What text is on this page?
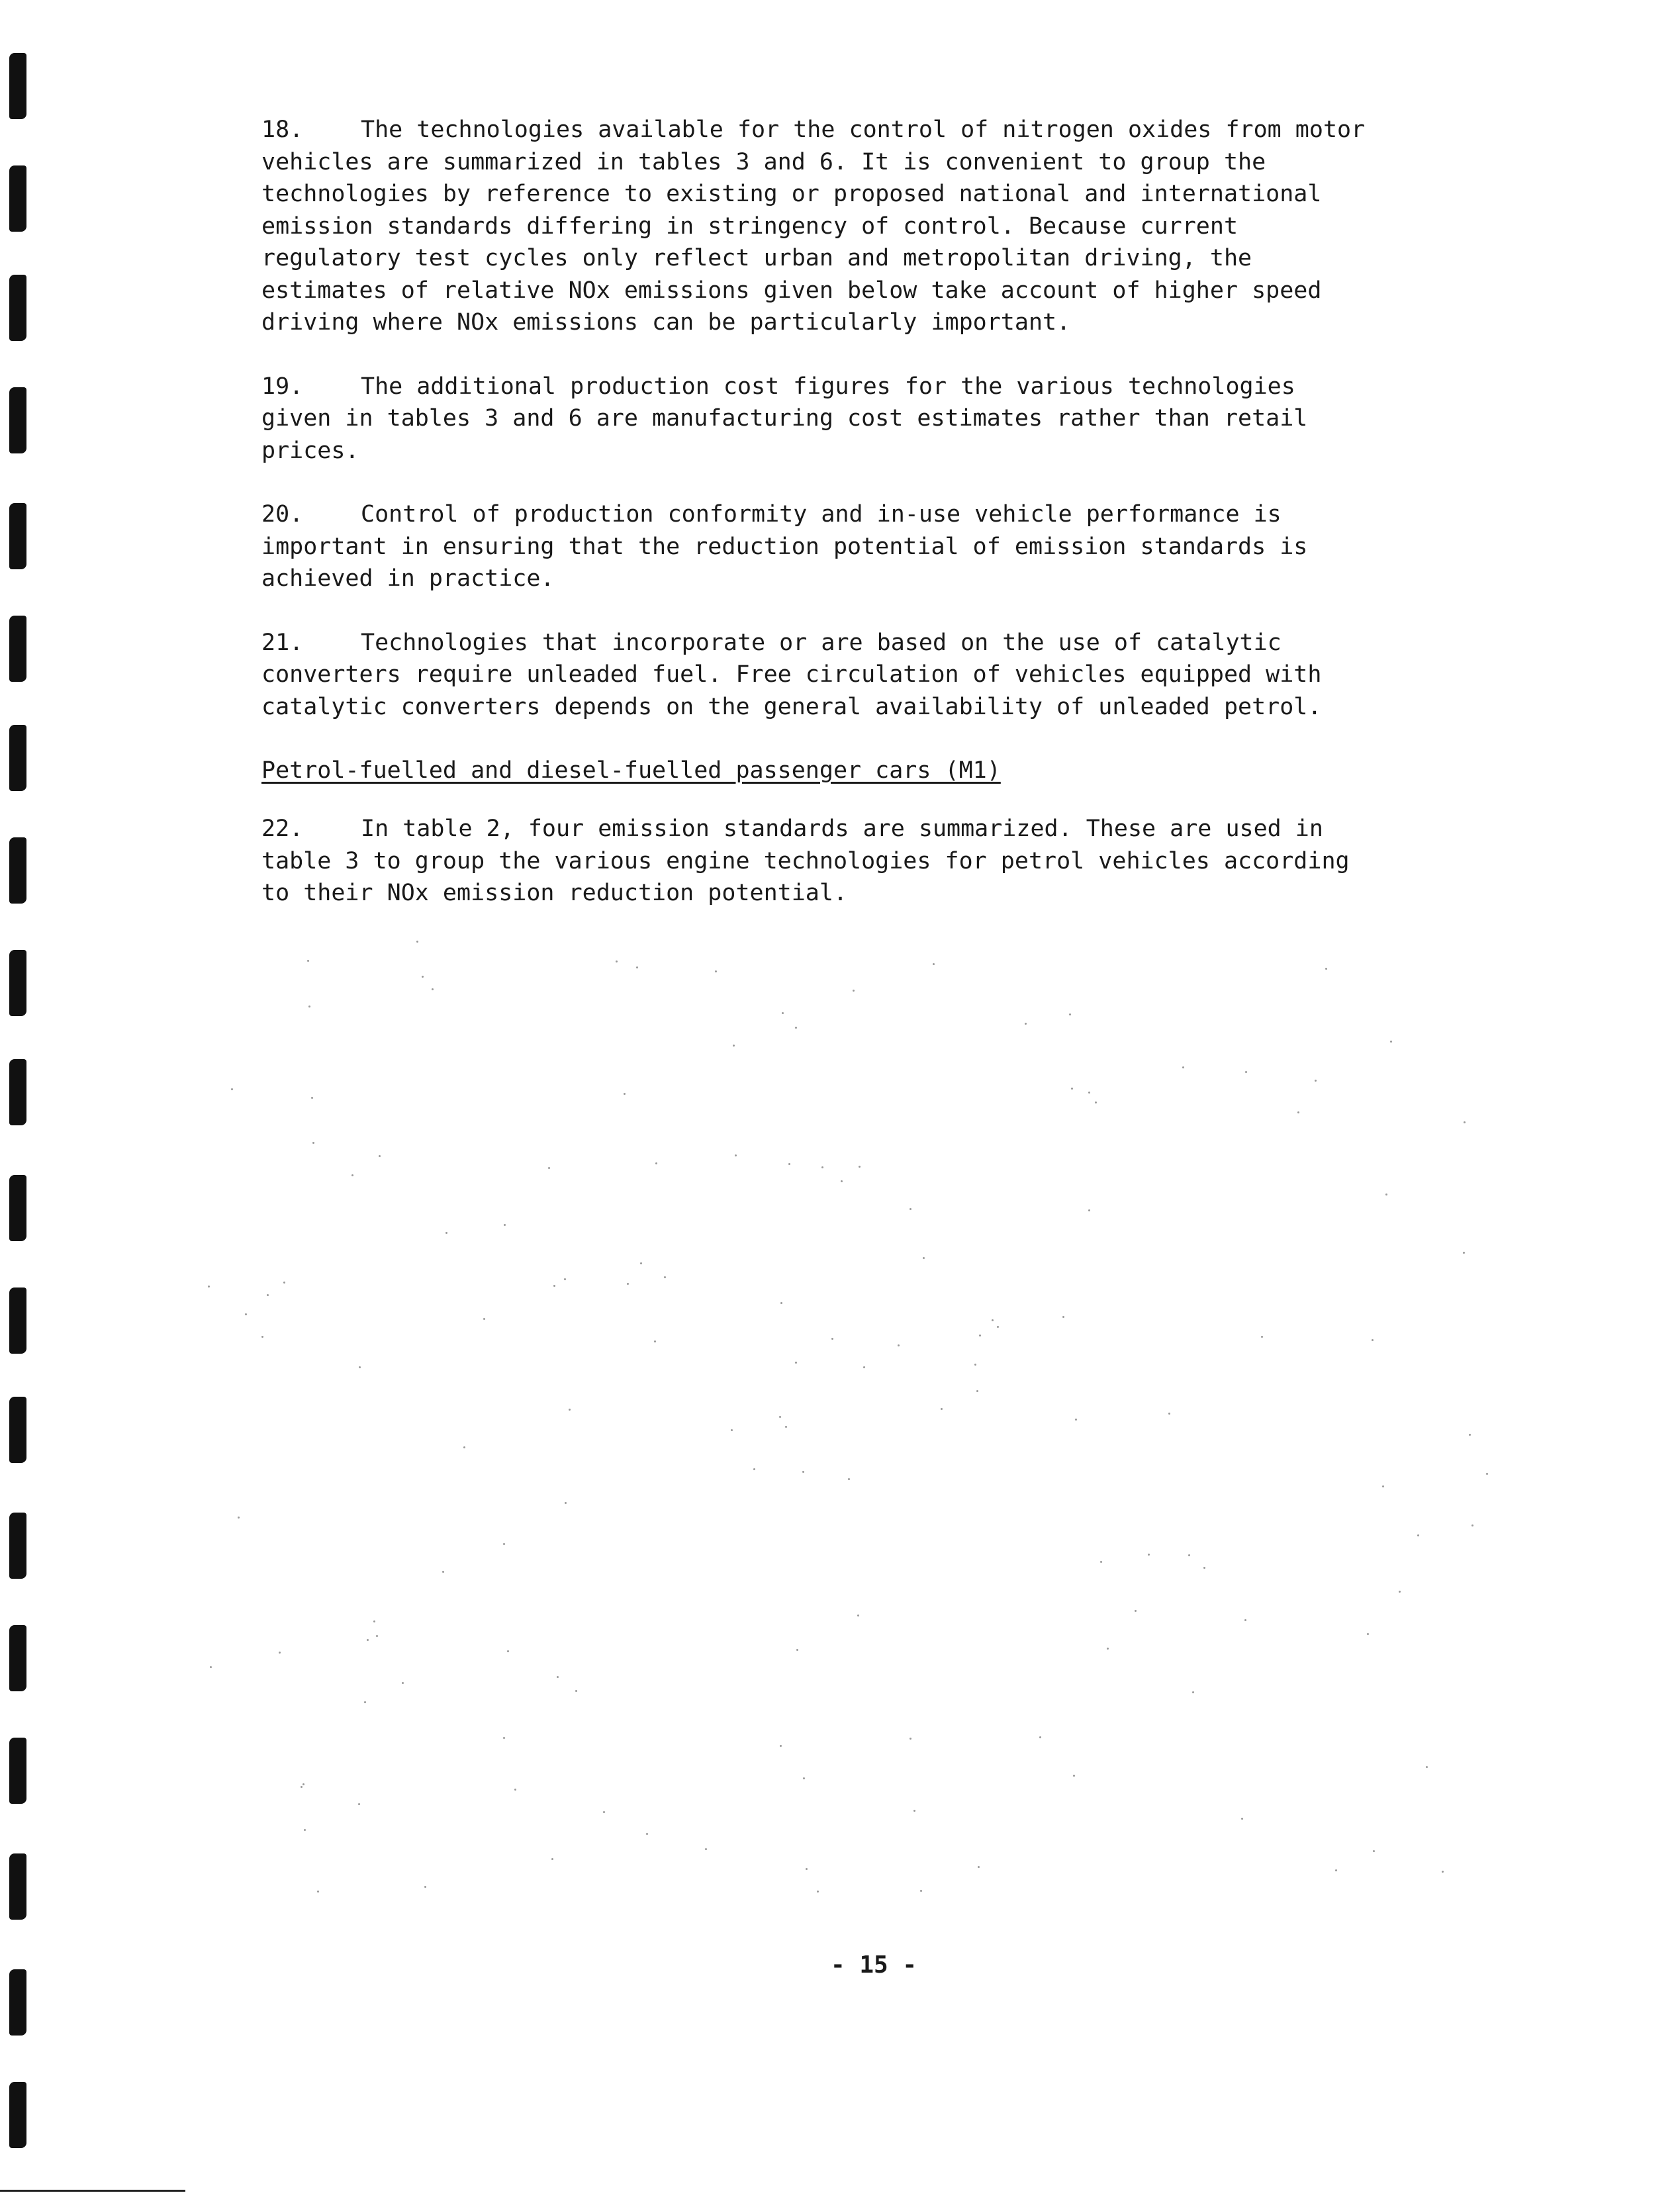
18. The technologies available for the control of nitrogen oxides from motor
vehicles are summarized in tables 3 and 6. It is convenient to group the
technologies by reference to existing or proposed national and international
emission standards differing in stringency of control. Because current
regulatory test cycles only reflect urban and metropolitan driving, the
estimates of relative NOx emissions given below take account of higher speed
driving where NOx emissions can be particularly important.

19. The additional production cost figures for the various technologies
given in tables 3 and 6 are manufacturing cost estimates rather than retail
prices.

20. Control of production conformity and in-use vehicle performance is
important in ensuring that the reduction potential of emission standards is
achieved in practice.

21. Technologies that incorporate or are based on the use of catalytic
converters require unleaded fuel. Free circulation of vehicles equipped with
catalytic converters depends on the general availability of unleaded petrol.

Petrol-fuelled and diesel-fuelled passenger cars (M1)

22. In table 2, four emission standards are summarized. These are used in
table 3 to group the various engine technologies for petrol vehicles according
to their NOx emission reduction potential.

- 15 -
